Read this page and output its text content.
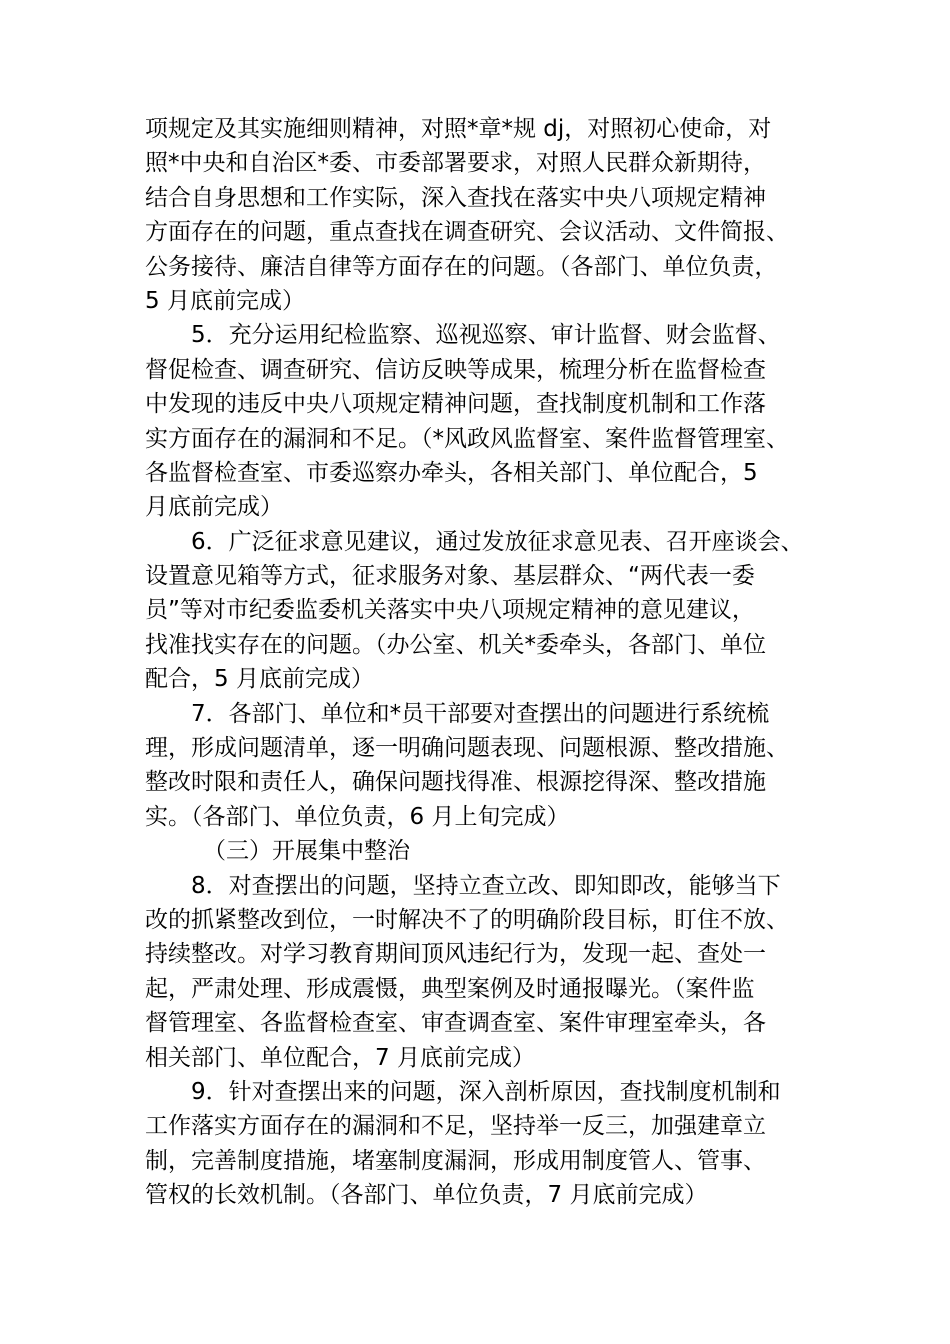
项规定及其实施细则精神，对照*章*规 dj，对照初心使命，对
照*中央和自治区*委、市委部署要求，对照人民群众新期待，
结合自身思想和工作实际，深入查找在落实中央八项规定精神
方面存在的问题，重点查找在调查研究、会议活动、文件简报、
公务接待、廉洁自律等方面存在的问题。（各部门、单位负责，
5 月底前完成）
5．充分运用纪检监察、巡视巡察、审计监督、财会监督、
督促检查、调查研究、信访反映等成果，梳理分析在监督检查
中发现的违反中央八项规定精神问题，查找制度机制和工作落
实方面存在的漏洞和不足。（*风政风监督室、案件监督管理室、
各监督检查室、市委巡察办牵头，各相关部门、单位配合，5
月底前完成）
6．广泛征求意见建议，通过发放征求意见表、召开座谈会、
设置意见箱等方式，征求服务对象、基层群众、“两代表一委
员”等对市纪委监委机关落实中央八项规定精神的意见建议，
找准找实存在的问题。（办公室、机关*委牵头，各部门、单位
配合，5 月底前完成）
7．各部门、单位和*员干部要对查摆出的问题进行系统梳
理，形成问题清单，逐一明确问题表现、问题根源、整改措施、
整改时限和责任人，确保问题找得准、根源挖得深、整改措施
实。（各部门、单位负责，6 月上旬完成）
（三）开展集中整治
8．对查摆出的问题，坚持立查立改、即知即改，能够当下
改的抓紧整改到位，一时解决不了的明确阶段目标，盯住不放、
持续整改。对学习教育期间顶风违纪行为，发现一起、查处一
起，严肃处理、形成震慑，典型案例及时通报曝光。（案件监
督管理室、各监督检查室、审查调查室、案件审理室牵头，各
相关部门、单位配合，7 月底前完成）
9．针对查摆出来的问题，深入剖析原因，查找制度机制和
工作落实方面存在的漏洞和不足，坚持举一反三，加强建章立
制，完善制度措施，堵塞制度漏洞，形成用制度管人、管事、
管权的长效机制。（各部门、单位负责，7 月底前完成）
